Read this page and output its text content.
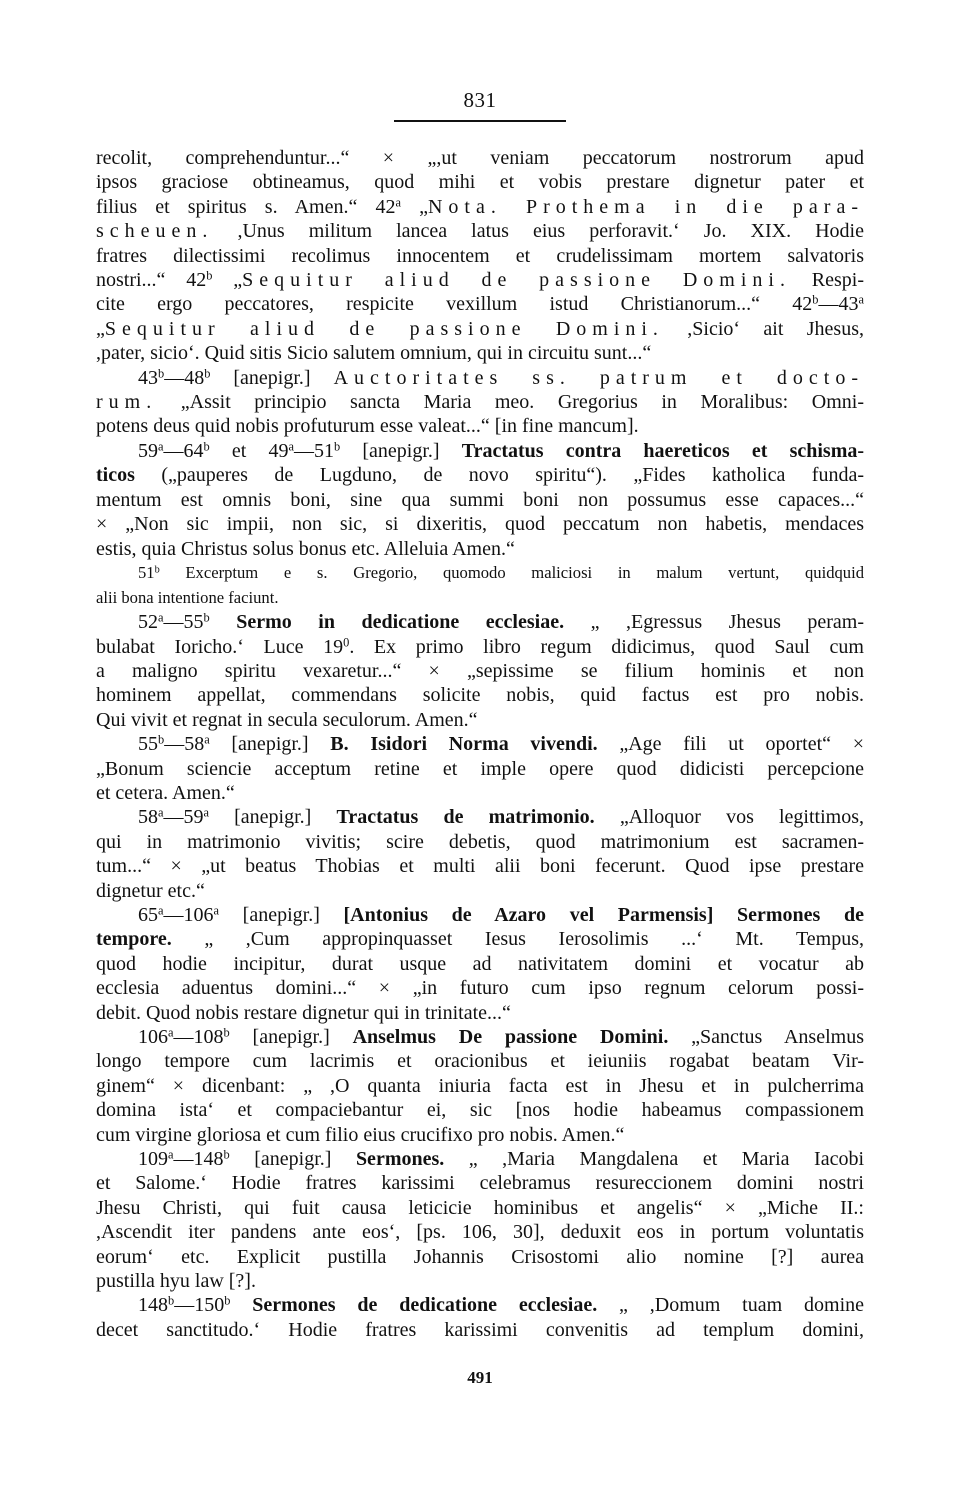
831

recolit, comprehenduntur...“ × „,ut veniam peccatorum nostrorum apud

ipsos graciose obtineamus, quod mihi et vobis prestare dignetur pater et

filius et spiritus s. Amen.“ 42$^a$ „Nota. Prothema in die para-

scheuen. ,Unus militum lancea latus eius perforavit.‘ Jo. XIX. Hodie

fratres dilectissimi recolimus innocentem et crudelissimam mortem salvatoris

nostri...“ 42$^b$ „Sequitur aliud de passione Domini. Respi-

cite ergo peccatores, respicite vexillum istud Christianorum...“ 42$^b$—43$^a$

„Sequitur aliud de passione Domini. ,Sicio‘ ait Jhesus,

,pater, sicio‘. Quid sitis Sicio salutem omnium, qui in circuitu sunt...“

43$^b$—48$^b$ [anepigr.] Auctoritates ss. patrum et docto-

rum. „Assit principio sancta Maria meo. Gregorius in Moralibus: Omni-

potens deus quid nobis profuturum esse valeat...“ [in fine mancum].

59$^a$—64$^b$ et 49$^a$—51$^b$ [anepigr.] Tractatus contra haereticos et schisma-

ticos („pauperes de Lugduno, de novo spiritu“). „Fides katholica funda-

mentum est omnis boni, sine qua summi boni non possumus esse capaces...“

× „Non sic impii, non sic, si dixeritis, quod peccatum non habetis, mendaces

estis, quia Christus solus bonus etc. Alleluia Amen.“

51$^b$ Excerptum e s. Gregorio, quomodo maliciosi in malum vertunt, quidquid

alii bona intentione faciunt.

52$^a$—55$^b$ Sermo in dedicatione ecclesiae. „ ,Egressus Jhesus peram-

bulabat Ioricho.‘ Luce $19^0$. Ex primo libro regum didicimus, quod Saul cum

a maligno spiritu vexaretur...“ × „sepissime se filium hominis et non

hominem appellat, commendans solicite nobis, quid factus est pro nobis.

Qui vivit et regnat in secula seculorum. Amen.“

55$^b$—58$^a$ [anepigr.] B. Isidori Norma vivendi. „Age fili ut oportet“ ×

„Bonum sciencie acceptum retine et imple opere quod didicisti percepcione

et cetera. Amen.“

58$^a$—59$^a$ [anepigr.] Tractatus de matrimonio. „Alloquor vos legittimos,

qui in matrimonio vivitis; scire debetis, quod matrimonium est sacramen-

tum...“ × „ut beatus Thobias et multi alii boni fecerunt. Quod ipse prestare

dignetur etc.“

65$^a$—106$^a$ [anepigr.] [Antonius de Azaro vel Parmensis] Sermones de

tempore. „ ,Cum appropinquasset Iesus Ierosolimis ...‘ Mt. Tempus,

quod hodie incipitur, durat usque ad nativitatem domini et vocatur ab

ecclesia aduentus domini...“ × „in futuro cum ipso regnum celorum possi-

debit. Quod nobis restare dignetur qui in trinitate...“

106$^a$—108$^b$ [anepigr.] Anselmus De passione Domini. „Sanctus Anselmus

longo tempore cum lacrimis et oracionibus et ieiuniis rogabat beatam Vir-

ginem“ × dicenbant: „ ,O quanta iniuria facta est in Jhesu et in pulcherrima

domina ista‘ et compaciebantur ei, sic [nos hodie habeamus compassionem

cum virgine gloriosa et cum filio eius crucifixo pro nobis. Amen.“

109$^a$—148$^b$ [anepigr.] Sermones. „ ,Maria Mangdalena et Maria Iacobi

et Salome.‘ Hodie fratres karissimi celebramus resureccionem domini nostri

Jhesu Christi, qui fuit causa leticicie hominibus et angelis“ × „Miche II.:

,Ascendit iter pandens ante eos‘, [ps. 106, 30], deduxit eos in portum voluntatis

eorum‘ etc. Explicit pustilla Johannis Crisostomi alio nomine [?] aurea

pustilla hyu law [?].

148$^b$—150$^b$ Sermones de dedicatione ecclesiae. „ ,Domum tuam domine

decet sanctitudo.‘ Hodie fratres karissimi convenitis ad templum domini,

491
